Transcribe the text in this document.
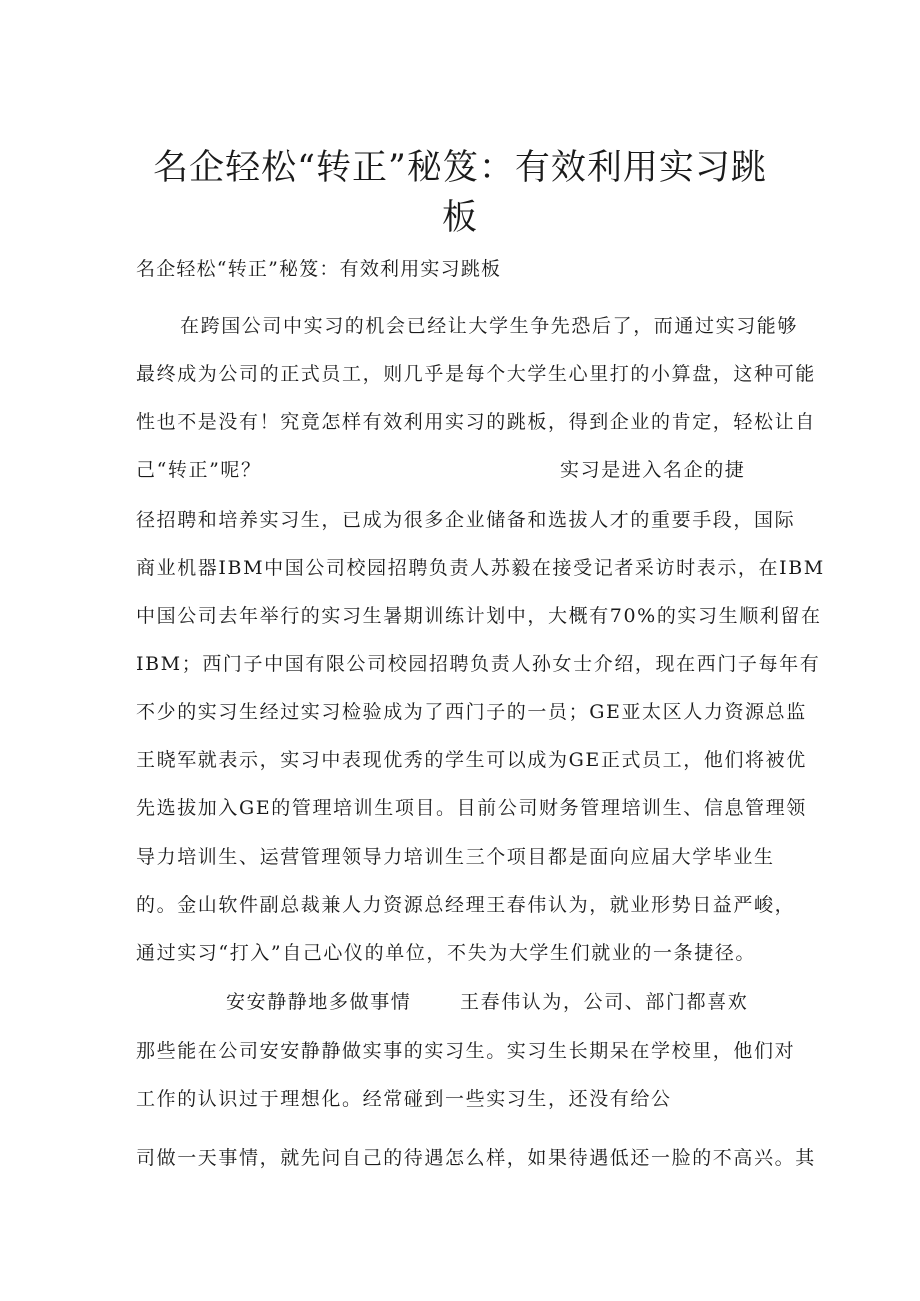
名企轻松“转正”秘笈：有效利用实习跳
板
名企轻松“转正”秘笈：有效利用实习跳板
在跨国公司中实习的机会已经让大学生争先恐后了，而通过实习能够
最终成为公司的正式员工，则几乎是每个大学生心里打的小算盘，这种可能
性也不是没有！究竟怎样有效利用实习的跳板，得到企业的肯定，轻松让自
己“转正”呢？	实习是进入名企的捷
径招聘和培养实习生，已成为很多企业储备和选拔人才的重要手段，国际
商业机器IBM中国公司校园招聘负责人苏毅在接受记者采访时表示，在IBM
中国公司去年举行的实习生暑期训练计划中，大概有70%的实习生顺利留在
IBM；西门子中国有限公司校园招聘负责人孙女士介绍，现在西门子每年有
不少的实习生经过实习检验成为了西门子的一员；GE亚太区人力资源总监
王晓军就表示，实习中表现优秀的学生可以成为GE正式员工，他们将被优
先选拔加入GE的管理培训生项目。目前公司财务管理培训生、信息管理领
导力培训生、运营管理领导力培训生三个项目都是面向应届大学毕业生
的。金山软件副总裁兼人力资源总经理王春伟认为，就业形势日益严峻，
通过实习“打入”自己心仪的单位，不失为大学生们就业的一条捷径。
安安静静地多做事情	王春伟认为，公司、部门都喜欢
那些能在公司安安静静做实事的实习生。实习生长期呆在学校里，他们对
工作的认识过于理想化。经常碰到一些实习生，还没有给公
司做一天事情，就先问自己的待遇怎么样，如果待遇低还一脸的不高兴。其
